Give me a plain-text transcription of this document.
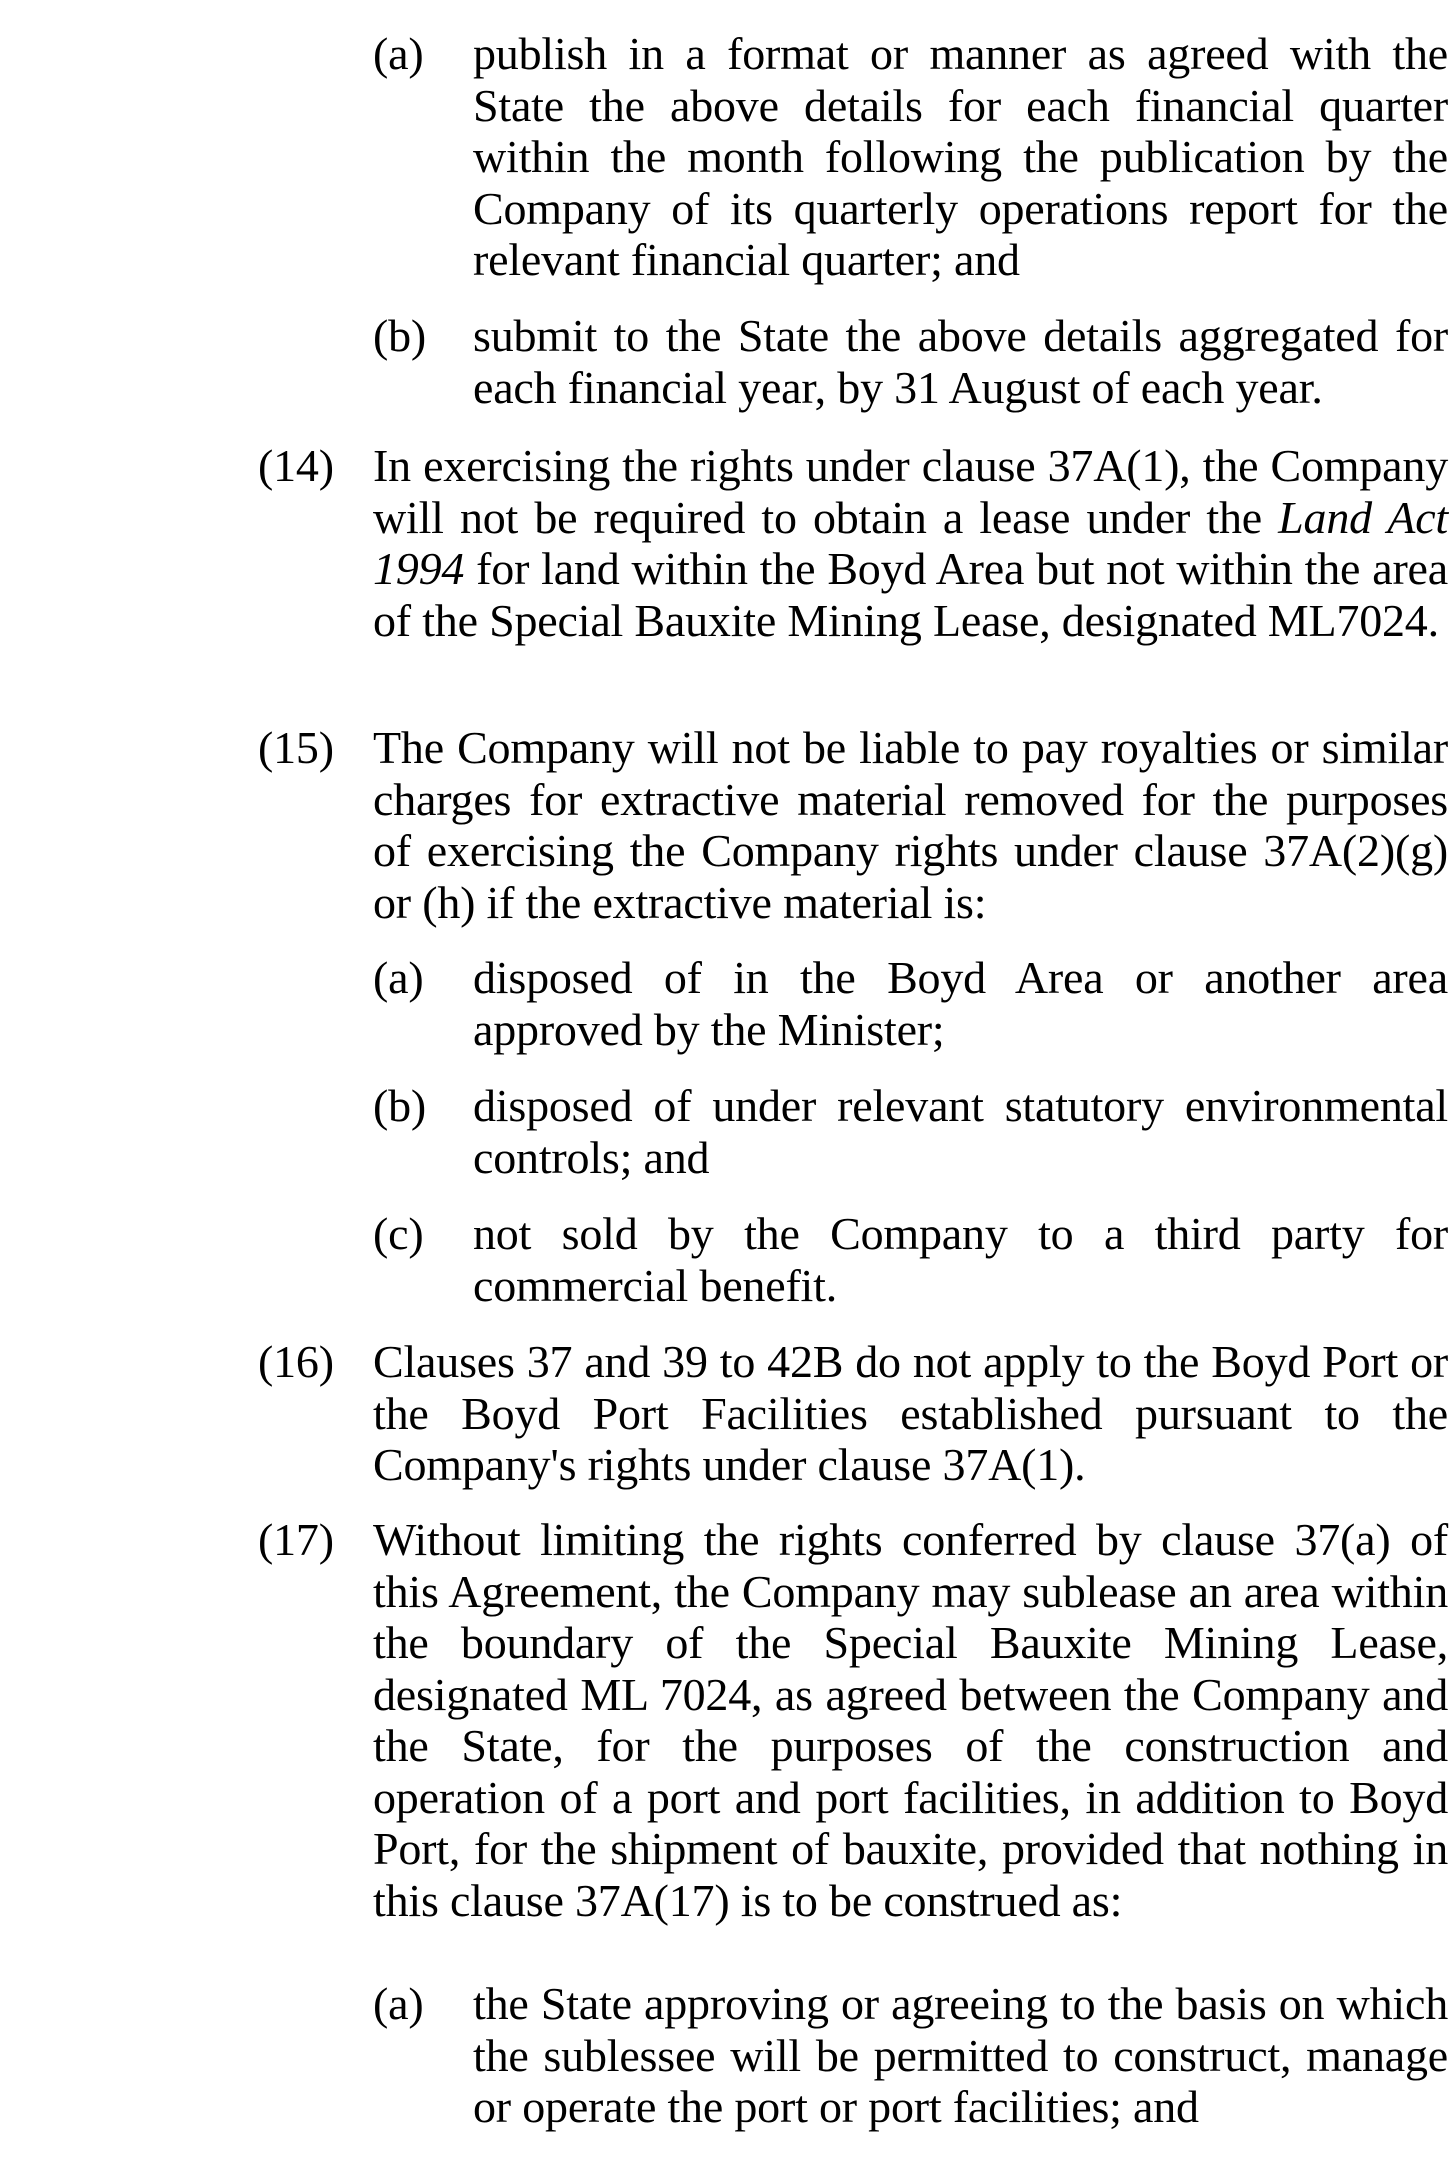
(a) publish in a format or manner as agreed with the State the above details for each financial quarter within the month following the publication by the Company of its quarterly operations report for the relevant financial quarter; and
(b) submit to the State the above details aggregated for each financial year, by 31 August of each year.
(14) In exercising the rights under clause 37A(1), the Company will not be required to obtain a lease under the Land Act 1994 for land within the Boyd Area but not within the area of the Special Bauxite Mining Lease, designated ML7024.
(15) The Company will not be liable to pay royalties or similar charges for extractive material removed for the purposes of exercising the Company rights under clause 37A(2)(g) or (h) if the extractive material is:
(a) disposed of in the Boyd Area or another area approved by the Minister;
(b) disposed of under relevant statutory environmental controls; and
(c) not sold by the Company to a third party for commercial benefit.
(16) Clauses 37 and 39 to 42B do not apply to the Boyd Port or the Boyd Port Facilities established pursuant to the Company's rights under clause 37A(1).
(17) Without limiting the rights conferred by clause 37(a) of this Agreement, the Company may sublease an area within the boundary of the Special Bauxite Mining Lease, designated ML 7024, as agreed between the Company and the State, for the purposes of the construction and operation of a port and port facilities, in addition to Boyd Port, for the shipment of bauxite, provided that nothing in this clause 37A(17) is to be construed as:
(a) the State approving or agreeing to the basis on which the sublessee will be permitted to construct, manage or operate the port or port facilities; and
